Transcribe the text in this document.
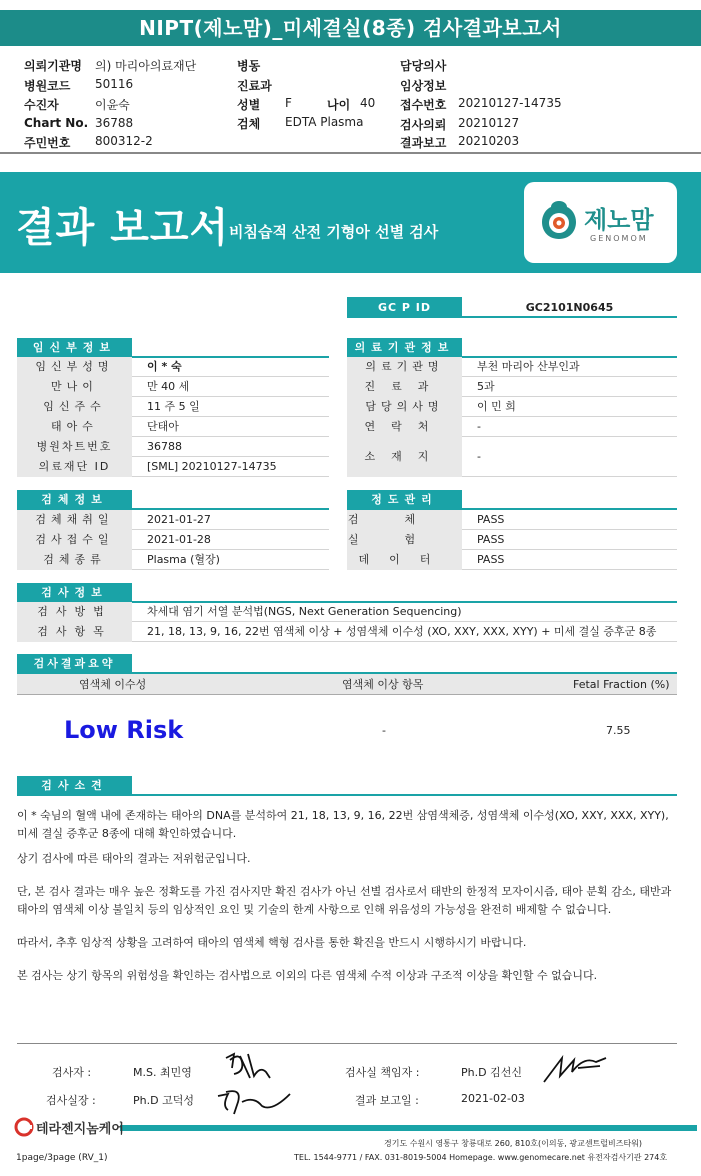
NIPT(제노맘)_미세결실(8종) 검사결과보고서
의뢰기관명 의) 마리아의료재단
병원코드 50116
수진자	이윤숙
Chart No. 36788
주민번호 800312-2
병동
진료과
성별 F	나이 40
검체 EDTA Plasma
담당의사
임상정보
접수번호 20210127-14735
검사의뢰 20210127
결과보고 20210203
결과 보고서 비침습적 산전 기형아 선별 검사	제노맘
GENOMOM
GC P ID	GC2101N0645
임신부정보
임신부성명	이 * 숙
만나이	만 40 세
임신주수	11 주 5 일
태아수	단태아
병원차트번호	36788
의료재단 ID	[SML] 20210127-14735
의료기관정보
의료기관명	부천 마리아 산부인과
진료과	5과
담당의사명	이 민 희
연락처	-
소재지	-
검체정보
검체채취일	2021-01-27
검사접수일	2021-01-28
검체종류	Plasma (혈장)
정도관리
검체 PASS
실험 PASS
데이터	PASS
검사정보
검사방법	차세대 염기 서열 분석법(NGS, Next Generation Sequencing)
검사항목	21, 18, 13, 9, 16, 22번 염색체 이상 + 성염색체 이수성 (XO, XXY, XXX, XYY) + 미세 결실 증후군 8종
검사결과요약
염색체 이수성	염색체 이상 항목	Fetal Fraction (%)
Low Risk	-	7.55
검사소견
이 * 숙님의 혈액 내에 존재하는 태아의 DNA를 분석하여 21, 18, 13, 9, 16, 22번 삼염색체증, 성염색체 이수성(XO, XXY, XXX, XYY), 미세 결실 증후군 8종에 대해 확인하였습니다.
상기 검사에 따른 태아의 결과는 저위험군입니다.
단, 본 검사 결과는 매우 높은 정확도를 가진 검사지만 확진 검사가 아닌 선별 검사로서 태반의 한정적 모자이시즘, 태아 분획 감소, 태반과 태아의 염색체 이상 불일치 등의 임상적인 요인 및 기술의 한계 사항으로 인해 위음성의 가능성을 완전히 배제할 수 없습니다.
따라서, 추후 임상적 상황을 고려하여 태아의 염색체 핵형 검사를 통한 확진을 반드시 시행하시기 바랍니다.
본 검사는 상기 항목의 위험성을 확인하는 검사법으로 이외의 다른 염색체 수적 이상과 구조적 이상을 확인할 수 없습니다.
검사자 :	M.S. 최민영	검사실 책임자 :	Ph.D 김선신
검사실장 :	Ph.D 고덕성	결과 보고일 :	2021-02-03
테라젠지놈케어
경기도 수원시 영통구 창룡대로 260, 810호(이의동, 광교센트럴비즈타워)
TEL. 1544-9771 / FAX. 031-8019-5004 Homepage. www.genomecare.net 유전자검사기관 274호
1page/3page (RV_1)
